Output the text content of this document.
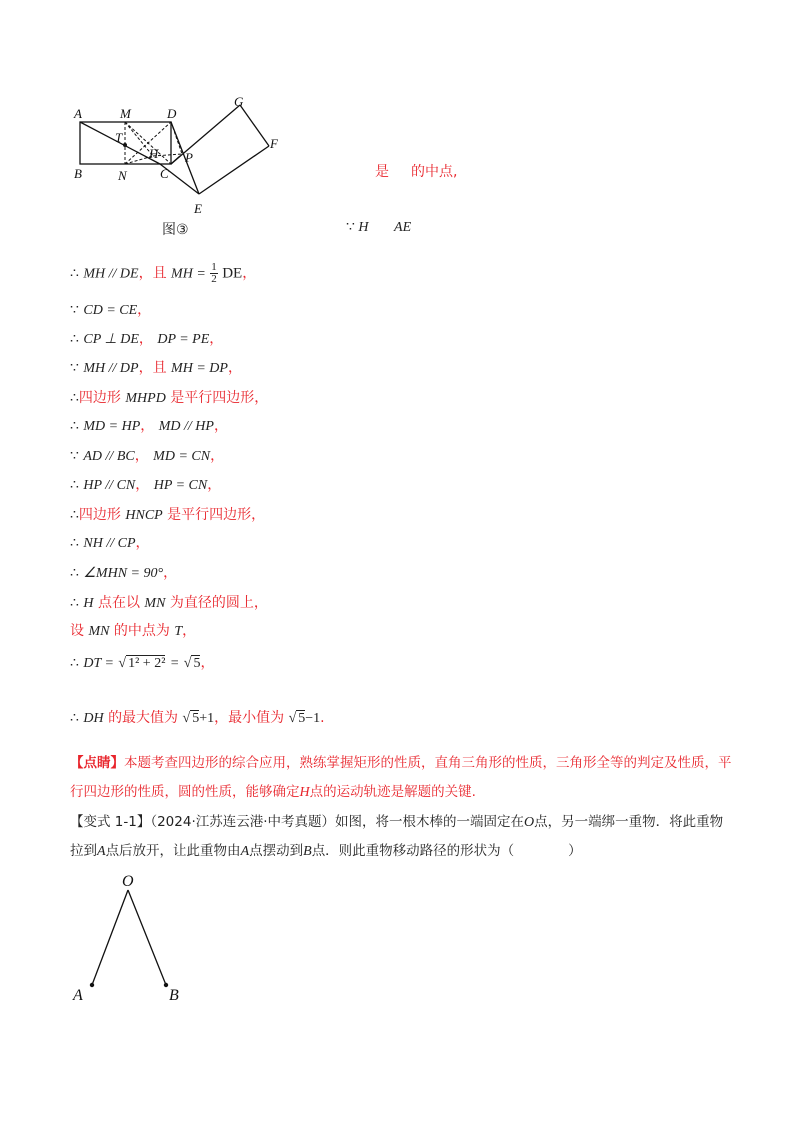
A	M	D
G
T
H P
F
B	N	C
E
图③
是 的中点,
∵ H AE
∴ MH // DE，且 MH = $\frac{1}{2}$ DE，
∵ CD = CE，
∴ CP ⊥ DE， DP = PE，
∵ MH // DP，且 MH = DP，
∴四边形 MHPD 是平行四边形，
∴ MD = HP， MD // HP，
∵ AD // BC， MD = CN，
∴ HP // CN， HP = CN，
∴四边形 HNCP 是平行四边形，
∴ NH // CP，
∴ ∠MHN = 90°，
∴ H 点在以 MN 为直径的圆上，
设 MN 的中点为 T，
∴ DT = √ 1² + 2² = √ 5，
∴ DH 的最大值为 √ 5+1，最小值为 √ 5−1.
【点睛】本题考查四边形的综合应用，熟练掌握矩形的性质，直角三角形的性质，三角形全等的判定及性质，平行四边形的性质，圆的性质，能够确定H点的运动轨迹是解题的关键.
【变式 1-1】（2024·江苏连云港·中考真题）如图，将一根木棒的一端固定在O点，另一端绑一重物．将此重物拉到A点后放开，让此重物由A点摆动到B点．则此重物移动路径的形状为（　　　　）
O
A	B
